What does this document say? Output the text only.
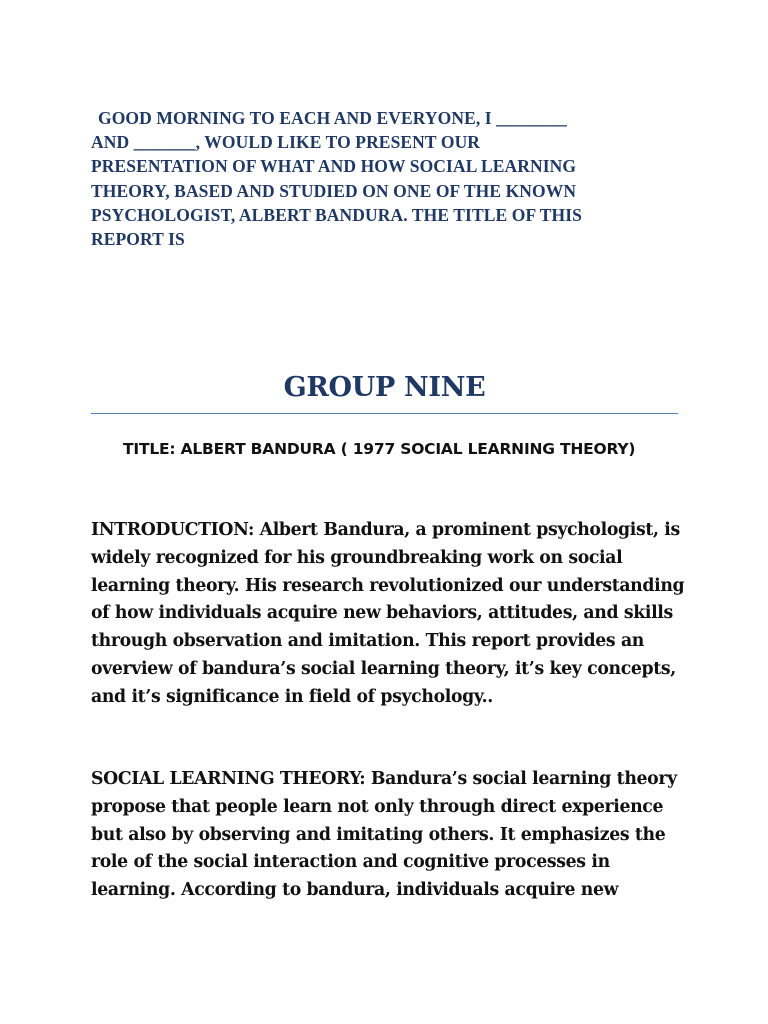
GOOD MORNING TO EACH AND EVERYONE, I ________
AND _______, WOULD LIKE TO PRESENT OUR
PRESENTATION OF WHAT AND HOW SOCIAL LEARNING
THEORY, BASED AND STUDIED ON ONE OF THE KNOWN
PSYCHOLOGIST, ALBERT BANDURA. THE TITLE OF THIS
REPORT IS
GROUP NINE
TITLE: ALBERT BANDURA ( 1977 SOCIAL LEARNING THEORY)
INTRODUCTION: Albert Bandura, a prominent psychologist, is
widely recognized for his groundbreaking work on social
learning theory. His research revolutionized our understanding
of how individuals acquire new behaviors, attitudes, and skills
through observation and imitation. This report provides an
overview of bandura’s social learning theory, it’s key concepts,
and it’s significance in field of psychology..
SOCIAL LEARNING THEORY: Bandura’s social learning theory
propose that people learn not only through direct experience
but also by observing and imitating others. It emphasizes the
role of the social interaction and cognitive processes in
learning. According to bandura, individuals acquire new
